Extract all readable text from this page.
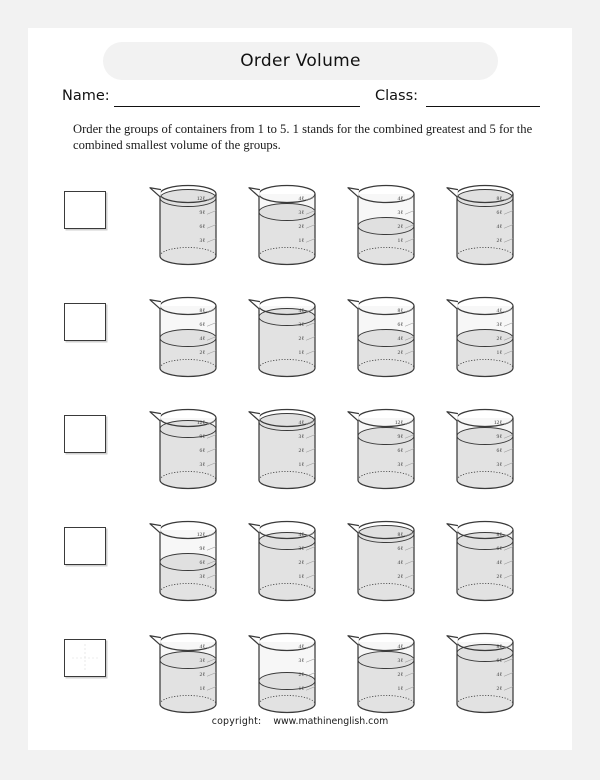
Order Volume
Name:	Class:
Order the groups of containers from 1 to 5. 1 stands for the combined greatest and 5 for the combined smallest volume of the groups.
12ℓ
9ℓ
6ℓ
3ℓ
4ℓ
3ℓ
2ℓ
1ℓ
4ℓ
3ℓ
2ℓ
1ℓ
8ℓ
6ℓ
4ℓ
2ℓ
8ℓ
6ℓ
4ℓ
2ℓ
4ℓ
3ℓ
2ℓ
1ℓ
8ℓ
6ℓ
4ℓ
2ℓ
4ℓ
3ℓ
2ℓ
1ℓ
12ℓ
9ℓ
6ℓ
3ℓ
4ℓ
3ℓ
2ℓ
1ℓ
12ℓ
9ℓ
6ℓ
3ℓ
12ℓ
9ℓ
6ℓ
3ℓ
12ℓ
9ℓ
6ℓ
3ℓ
4ℓ
3ℓ
2ℓ
1ℓ
8ℓ
6ℓ
4ℓ
2ℓ
8ℓ
6ℓ
4ℓ
2ℓ
4ℓ
3ℓ
2ℓ
1ℓ
4ℓ
3ℓ
2ℓ
1ℓ
4ℓ
3ℓ
2ℓ
1ℓ
8ℓ
6ℓ
4ℓ
2ℓ
copyright: www.mathinenglish.com
